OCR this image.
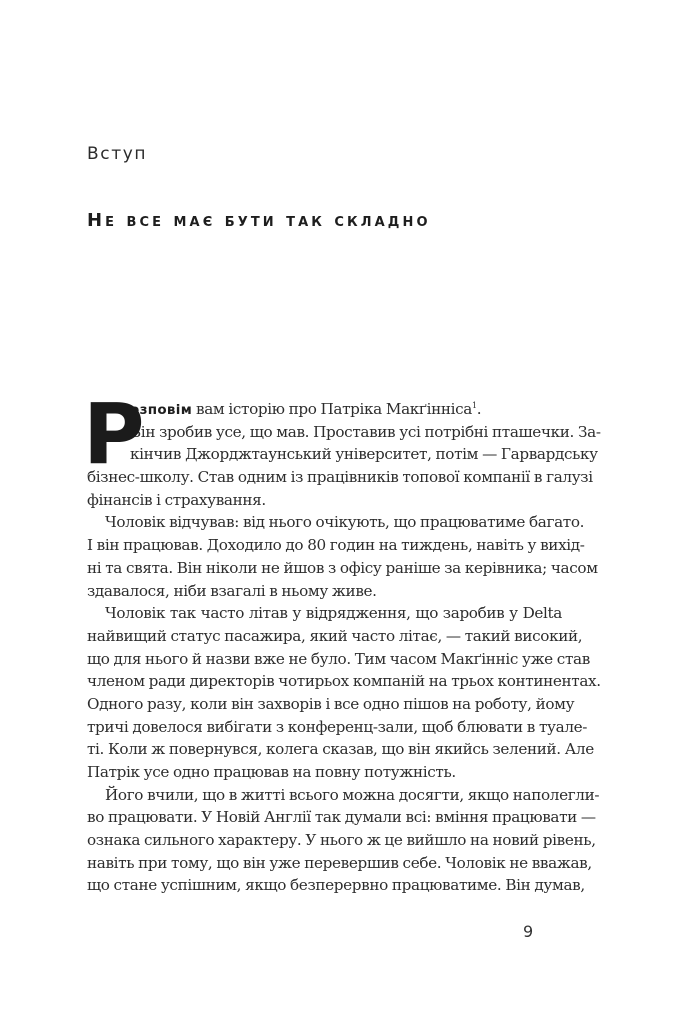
Вступ
Не все має бути так складно
Р
озповім вам історію про Патріка Макґінніса$^1$.
Він зробив усе, що мав. Проставив усі потрібні пташечки. За-
кінчив Джорджтаунський університет, потім — Гарвардську
бізнес-школу. Став одним із працівників топової компанії в галузі
фінансів і страхування.
Чоловік відчував: від нього очікують, що працюватиме багато.
І він працював. Доходило до 80 годин на тиждень, навіть у вихід-
ні та свята. Він ніколи не йшов з офісу раніше за керівника; часом
здавалося, ніби взагалі в ньому живе.
Чоловік так часто літав у відрядження, що заробив у Delta
найвищий статус пасажира, який часто літає, — такий високий,
що для нього й назви вже не було. Тим часом Макґінніс уже став
членом ради директорів чотирьох компаній на трьох континентах.
Одного разу, коли він захворів і все одно пішов на роботу, йому
тричі довелося вибігати з конференц-зали, щоб блювати в туале-
ті. Коли ж повернувся, колега сказав, що він якийсь зелений. Але
Патрік усе одно працював на повну потужність.
Його вчили, що в житті всього можна досягти, якщо наполегли-
во працювати. У Новій Англії так думали всі: вміння працювати —
ознака сильного характеру. У нього ж це вийшло на новий рівень,
навіть при тому, що він уже перевершив себе. Чоловік не вважав,
що стане успішним, якщо безперервно працюватиме. Він думав,
9
